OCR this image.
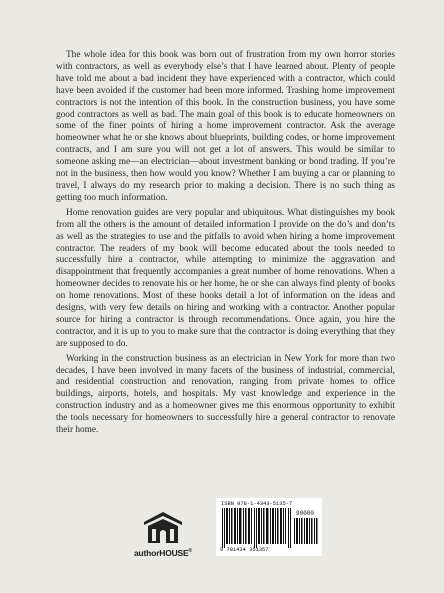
The whole idea for this book was born out of frustration from my own horror stories with contractors, as well as everybody else’s that I have learned about. Plenty of people have told me about a bad incident they have experienced with a contractor, which could have been avoided if the customer had been more informed. Trashing home improvement contractors is not the intention of this book. In the construction business, you have some good contractors as well as bad. The main goal of this book is to educate homeowners on some of the finer points of hiring a home improvement contractor. Ask the average homeowner what he or she knows about blueprints, building codes, or home improvement contracts, and I am sure you will not get a lot of answers. This would be similar to someone asking me—an electrician—about investment banking or bond trading. If you’re not in the business, then how would you know? Whether I am buying a car or planning to travel, I always do my research prior to making a decision. There is no such thing as getting too much information.

Home renovation guides are very popular and ubiquitous. What distinguishes my book from all the others is the amount of detailed information I provide on the do’s and don’ts as well as the strategies to use and the pitfalls to avoid when hiring a home improvement contractor. The readers of my book will become educated about the tools needed to successfully hire a contractor, while attempting to minimize the aggravation and disappointment that frequently accompanies a great number of home renovations. When a homeowner decides to renovate his or her home, he or she can always find plenty of books on home renovations. Most of these books detail a lot of information on the ideas and designs, with very few details on hiring and working with a contractor. Another popular source for hiring a contractor is through recommendations. Once again, you hire the contractor, and it is up to you to make sure that the contractor is doing everything that they are supposed to do.

Working in the construction business as an electrician in New York for more than two decades, I have been involved in many facets of the business of industrial, commercial, and residential construction and renovation, ranging from private homes to office buildings, airports, hotels, and hospitals. My vast knowledge and experience in the construction industry and as a homeowner gives me this enormous opportunity to exhibit the tools necessary for homeowners to successfully hire a general contractor to renovate their home.

authorHOUSE®
ISBN 978-1-4343-5135-7
90000
9 781434 351357
